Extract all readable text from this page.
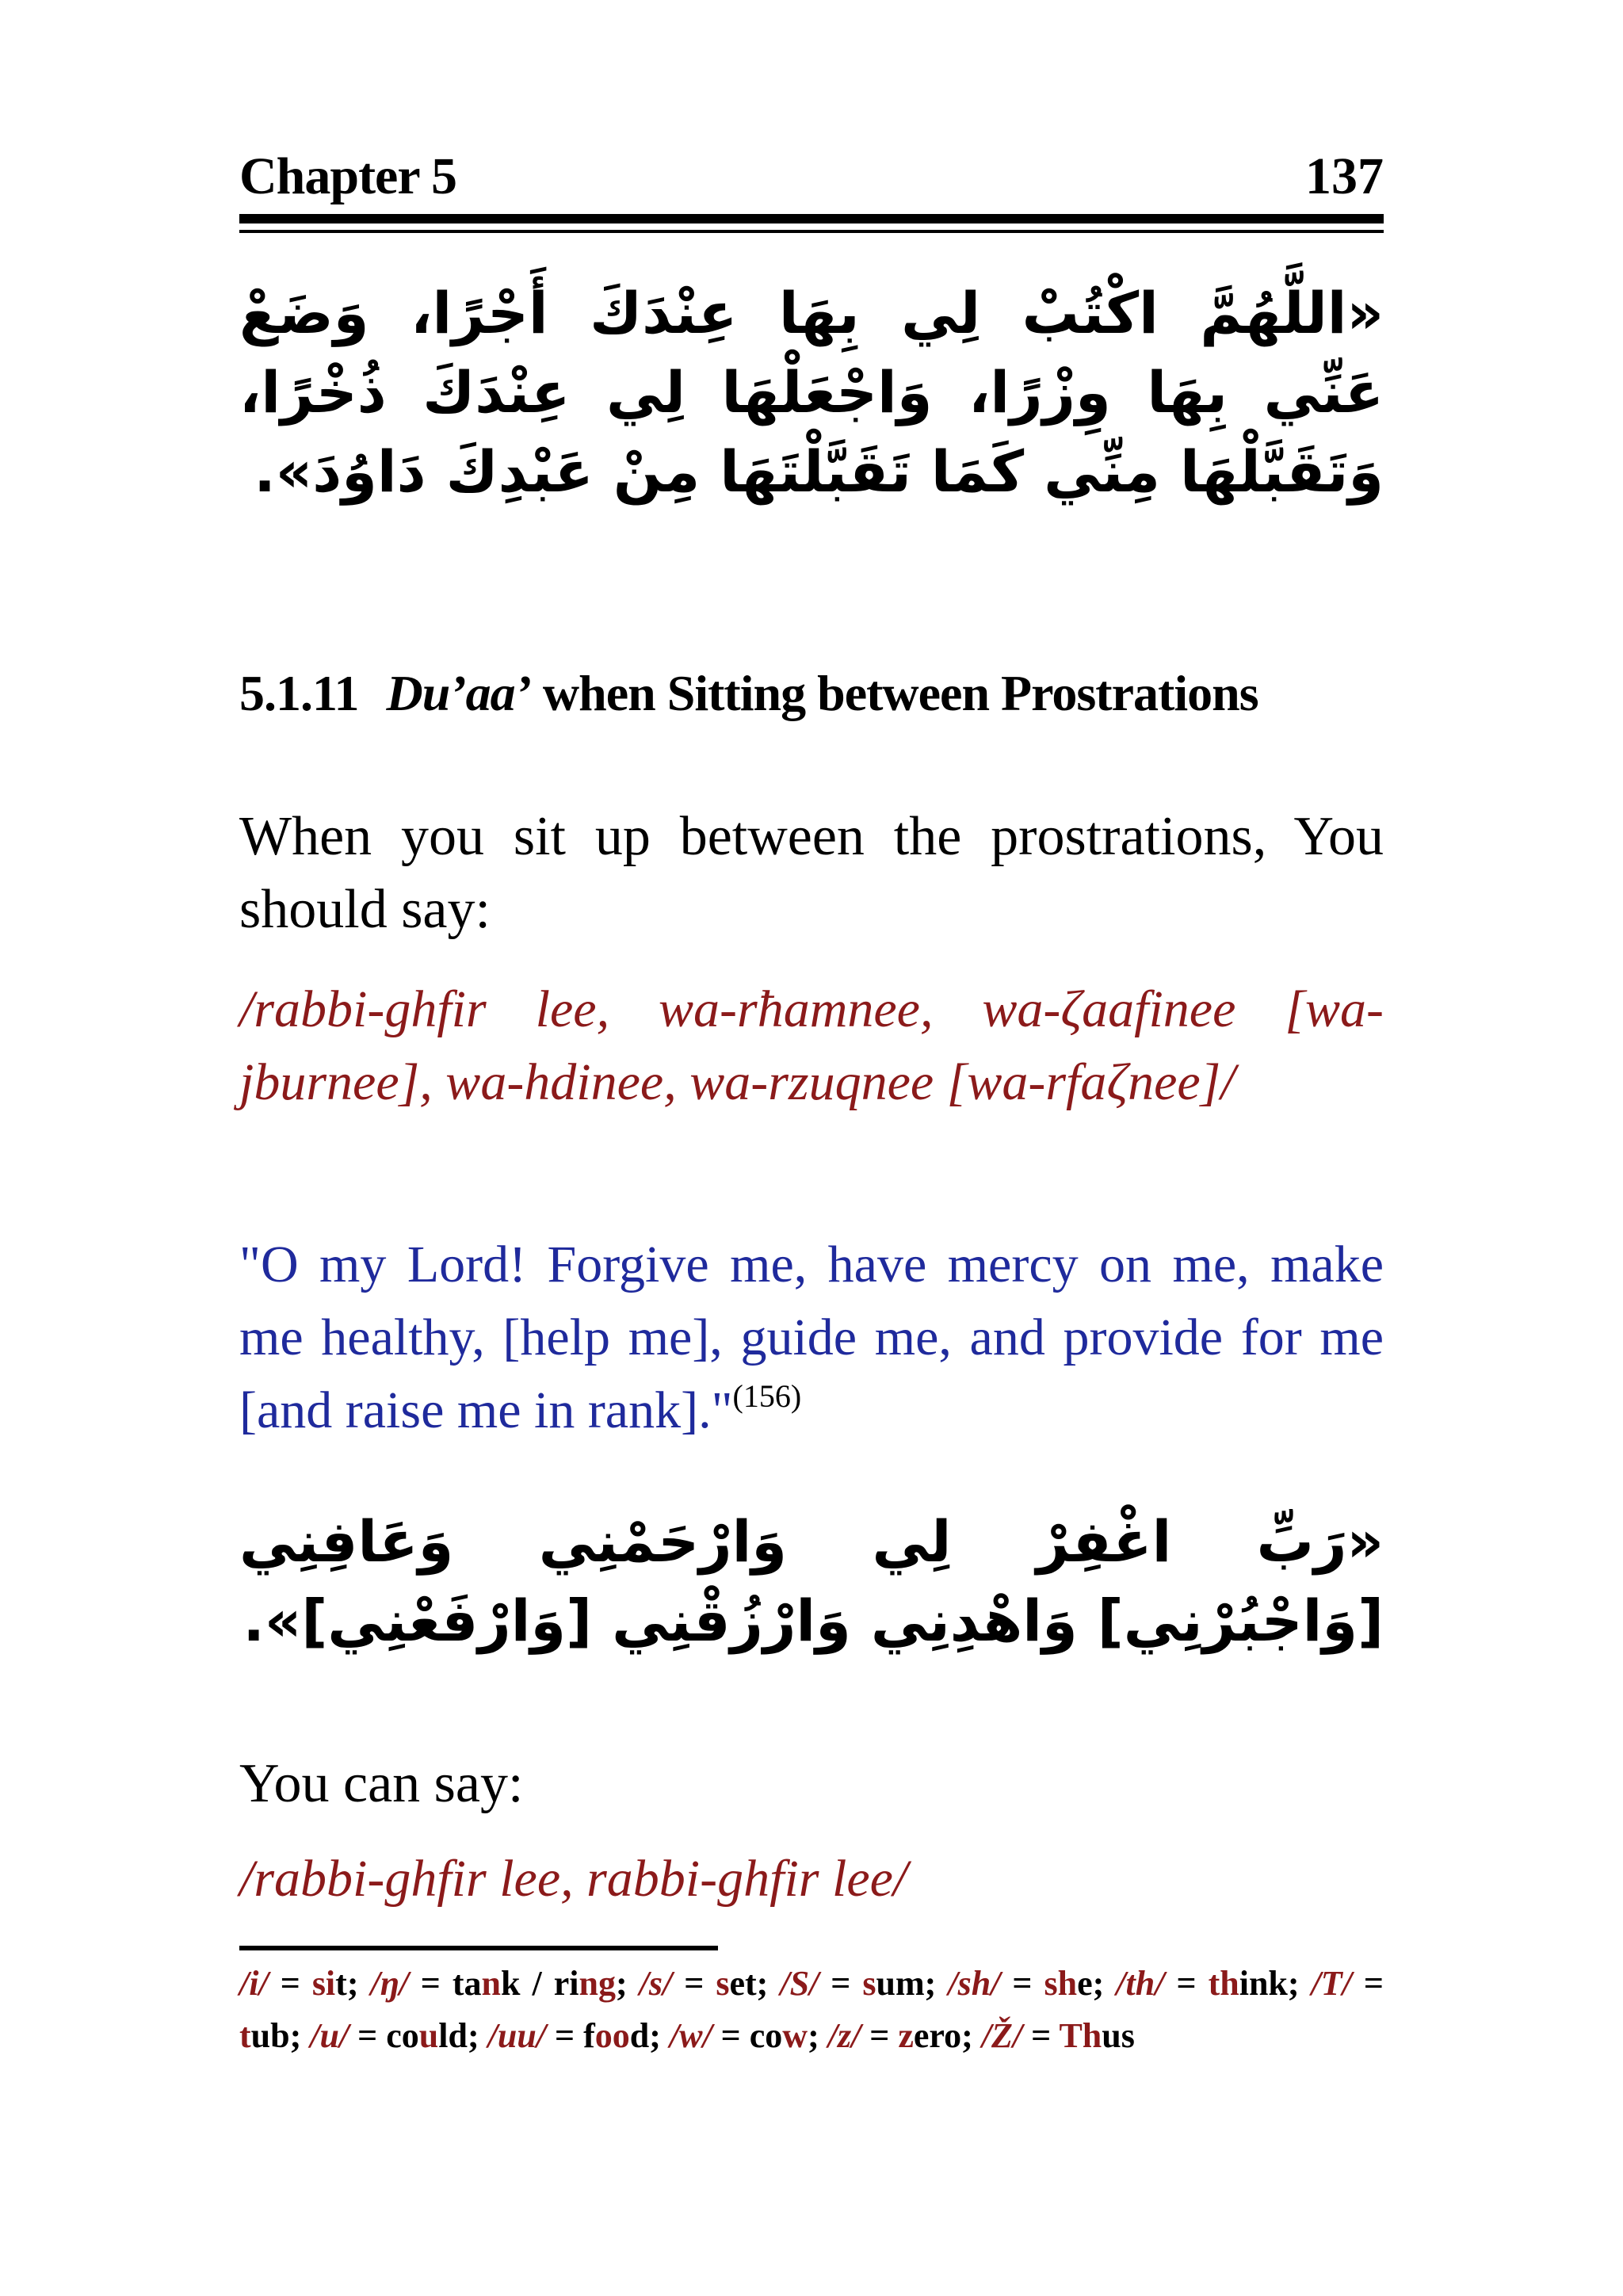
Chapter 5	137
«اللَّهُمَّ اكْتُبْ لِي بِهَا عِنْدَكَ أَجْرًا، وَضَعْ عَنِّي بِهَا وِزْرًا، وَاجْعَلْهَا لِي عِنْدَكَ ذُخْرًا، وَتَقَبَّلْهَا مِنِّي كَمَا تَقَبَّلْتَهَا مِنْ عَبْدِكَ دَاوُدَ».
5.1.11 Du’aa’ when Sitting between Prostrations
When you sit up between the prostrations, You should say:
/rabbi-ghfir lee, wa-rħamnee, wa-ζaafinee [wa-jburnee], wa-hdinee, wa-rzuqnee [wa-rfaζnee]/
"O my Lord! Forgive me, have mercy on me, make me healthy, [help me], guide me, and provide for me [and raise me in rank]."$^{(156)}$
«رَبِّ اغْفِرْ لِي وَارْحَمْنِي وَعَافِنِي [وَاجْبُرْنِي] وَاهْدِنِي وَارْزُقْنِي [وَارْفَعْنِي]».
You can say:
/rabbi-ghfir lee, rabbi-ghfir lee/
/i/ = sit; /ŋ/ = tank / ring; /s/ = set; /S/ = sum; /sh/ = she; /th/ = think; /T/ = tub; /u/ = could; /uu/ = food; /w/ = cow; /z/ = zero; /Ž/ = Thus
